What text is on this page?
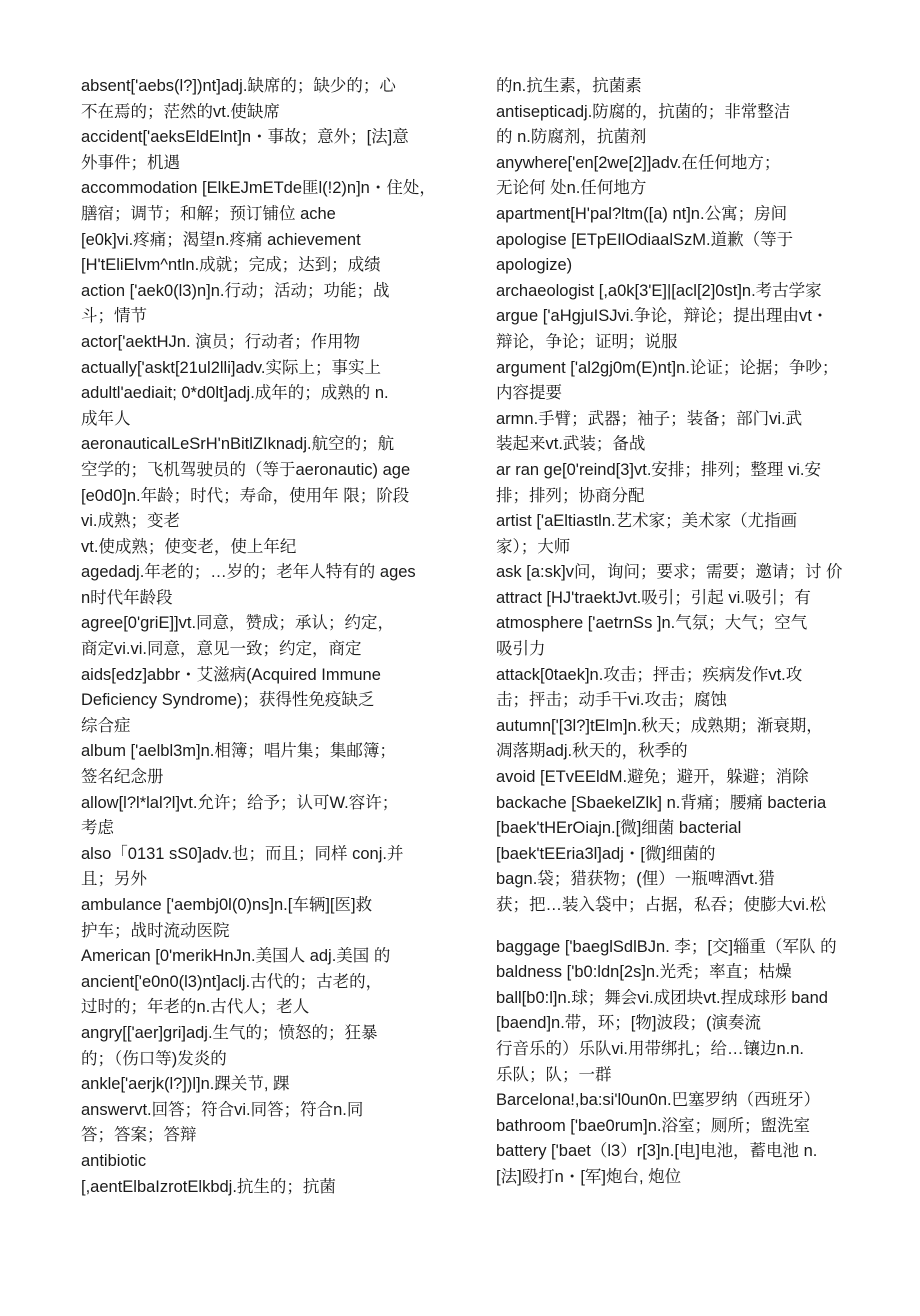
absent['aebs(l?])nt]adj.缺席的；缺少的；心
不在焉的；茫然的vt.使缺席
accident['aeksEldElnt]n・事故；意外；[法]意
外事件；机遇
accommodation [ElkEJmETde匪l(!2)n]n・住处，
膳宿；调节；和解；预订铺位 ache
[e0k]vi.疼痛；渴望n.疼痛 achievement
[H'tEliElvm^ntln.成就；完成；达到；成绩
action ['aek0(l3)n]n.行动；活动；功能；战
斗；情节
actor['aektHJn. 演员；行动者；作用物
actually['askt[21ul2lli]adv.实际上；事实上
adultl'aediait; 0*d0lt]adj.成年的；成熟的 n.
成年人
aeronauticalLeSrH'nBitlZIknadj.航空的；航
空学的；飞机驾驶员的（等于aeronautic) age
[e0d0]n.年龄；时代；寿命，使用年 限；阶段
vi.成熟；变老
vt.使成熟；使变老，使上年纪
agedadj.年老的；…岁的；老年人特有的 ages
n时代年龄段
agree[0'griE]]vt.同意，赞成；承认；约定，
商定vi.vi.同意，意见一致；约定，商定
aids[edz]abbr・艾滋病(Acquired Immune
Deficiency Syndrome)；获得性免疫缺乏
综合症
album ['aelbl3m]n.相簿；唱片集；集邮簿；
签名纪念册
allow[l?l*lal?l]vt.允许；给予；认可W.容许；
考虑
also「0131 sS0]adv.也；而且；同样 conj.并
且；另外
ambulance ['aembj0l(0)ns]n.[车辆][医]救
护车；战时流动医院
American [0'merikHnJn.美国人 adj.美国 的
ancient['e0n0(l3)nt]aclj.古代的；古老的，
过时的；年老的n.古代人；老人
angry[['aer]gri]adj.生气的；愤怒的；狂暴
的；（伤口等)发炎的
ankle['aerjk(l?])l]n.踝关节, 踝
answervt.回答；符合vi.同答；符合n.同
答；答案；答辩
antibiotic
[,aentElbaIzrotElkbdj.抗生的；抗菌
的n.抗生素，抗菌素
antisepticadj.防腐的，抗菌的；非常整洁
的 n.防腐剂，抗菌剂
anywhere['en[2we[2]]adv.在任何地方；
无论何 处n.任何地方
apartment[H'pal?ltm([a) nt]n.公寓；房间
apologise [ETpEIlOdiaalSzM.道歉（等于
apologize)
archaeologist [,a0k[3'E]|[acl[2]0st]n.考古学家
argue ['aHgjuISJvi.争论，辩论；提出理由vt・
辩论，争论；证明；说服
argument ['al2gj0m(E)nt]n.论证；论据；争吵；
内容提要
armn.手臂；武器；袖子；装备；部门vi.武
装起来vt.武装；备战
ar ran ge[0'reind[3]vt.安排；排列；整理 vi.安
排；排列；协商分配
artist ['aEltiastln.艺术家；美术家（尤指画
家）；大师
ask [a:sk]v问，询问；要求；需要；邀请；讨 价
attract [HJ'traektJvt.吸引；引起 vi.吸引；有
atmosphere ['aetrnSs ]n.气氛；大气；空气
吸引力
attack[0taek]n.攻击；抨击；疾病发作vt.攻
击；抨击；动手干vi.攻击；腐蚀
autumn['[3l?]tElm]n.秋天；成熟期；渐衰期，
凋落期adj.秋天的，秋季的
avoid [ETvEEldM.避免；避开，躲避；消除
backache [SbaekelZlk] n.背痛；腰痛 bacteria
[baek'tHErOiajn.[微]细菌 bacterial
[baek'tEEria3l]adj・[微]细菌的
bagn.袋；猎获物；(俚）一瓶啤酒vt.猎
获；把…装入袋中；占据，私吞；使膨大vi.松
baggage ['baeglSdlBJn. 李；[交]辎重（军队 的
baldness ['b0:ldn[2s]n.光秃；率直；枯燥
ball[b0:l]n.球；舞会vi.成团块vt.捏成球形 band
[baend]n.带，环；[物]波段；(演奏流
行音乐的）乐队vi.用带绑扎；给…镶边n.n.
乐队；队；一群
Barcelona!,ba:si'l0un0n.巴塞罗纳（西班牙）
bathroom ['bae0rum]n.浴室；厕所；盥洗室
battery ['baet（l3）r[3]n.[电]电池，蓄电池 n.
[法]殴打n・[军]炮台, 炮位
